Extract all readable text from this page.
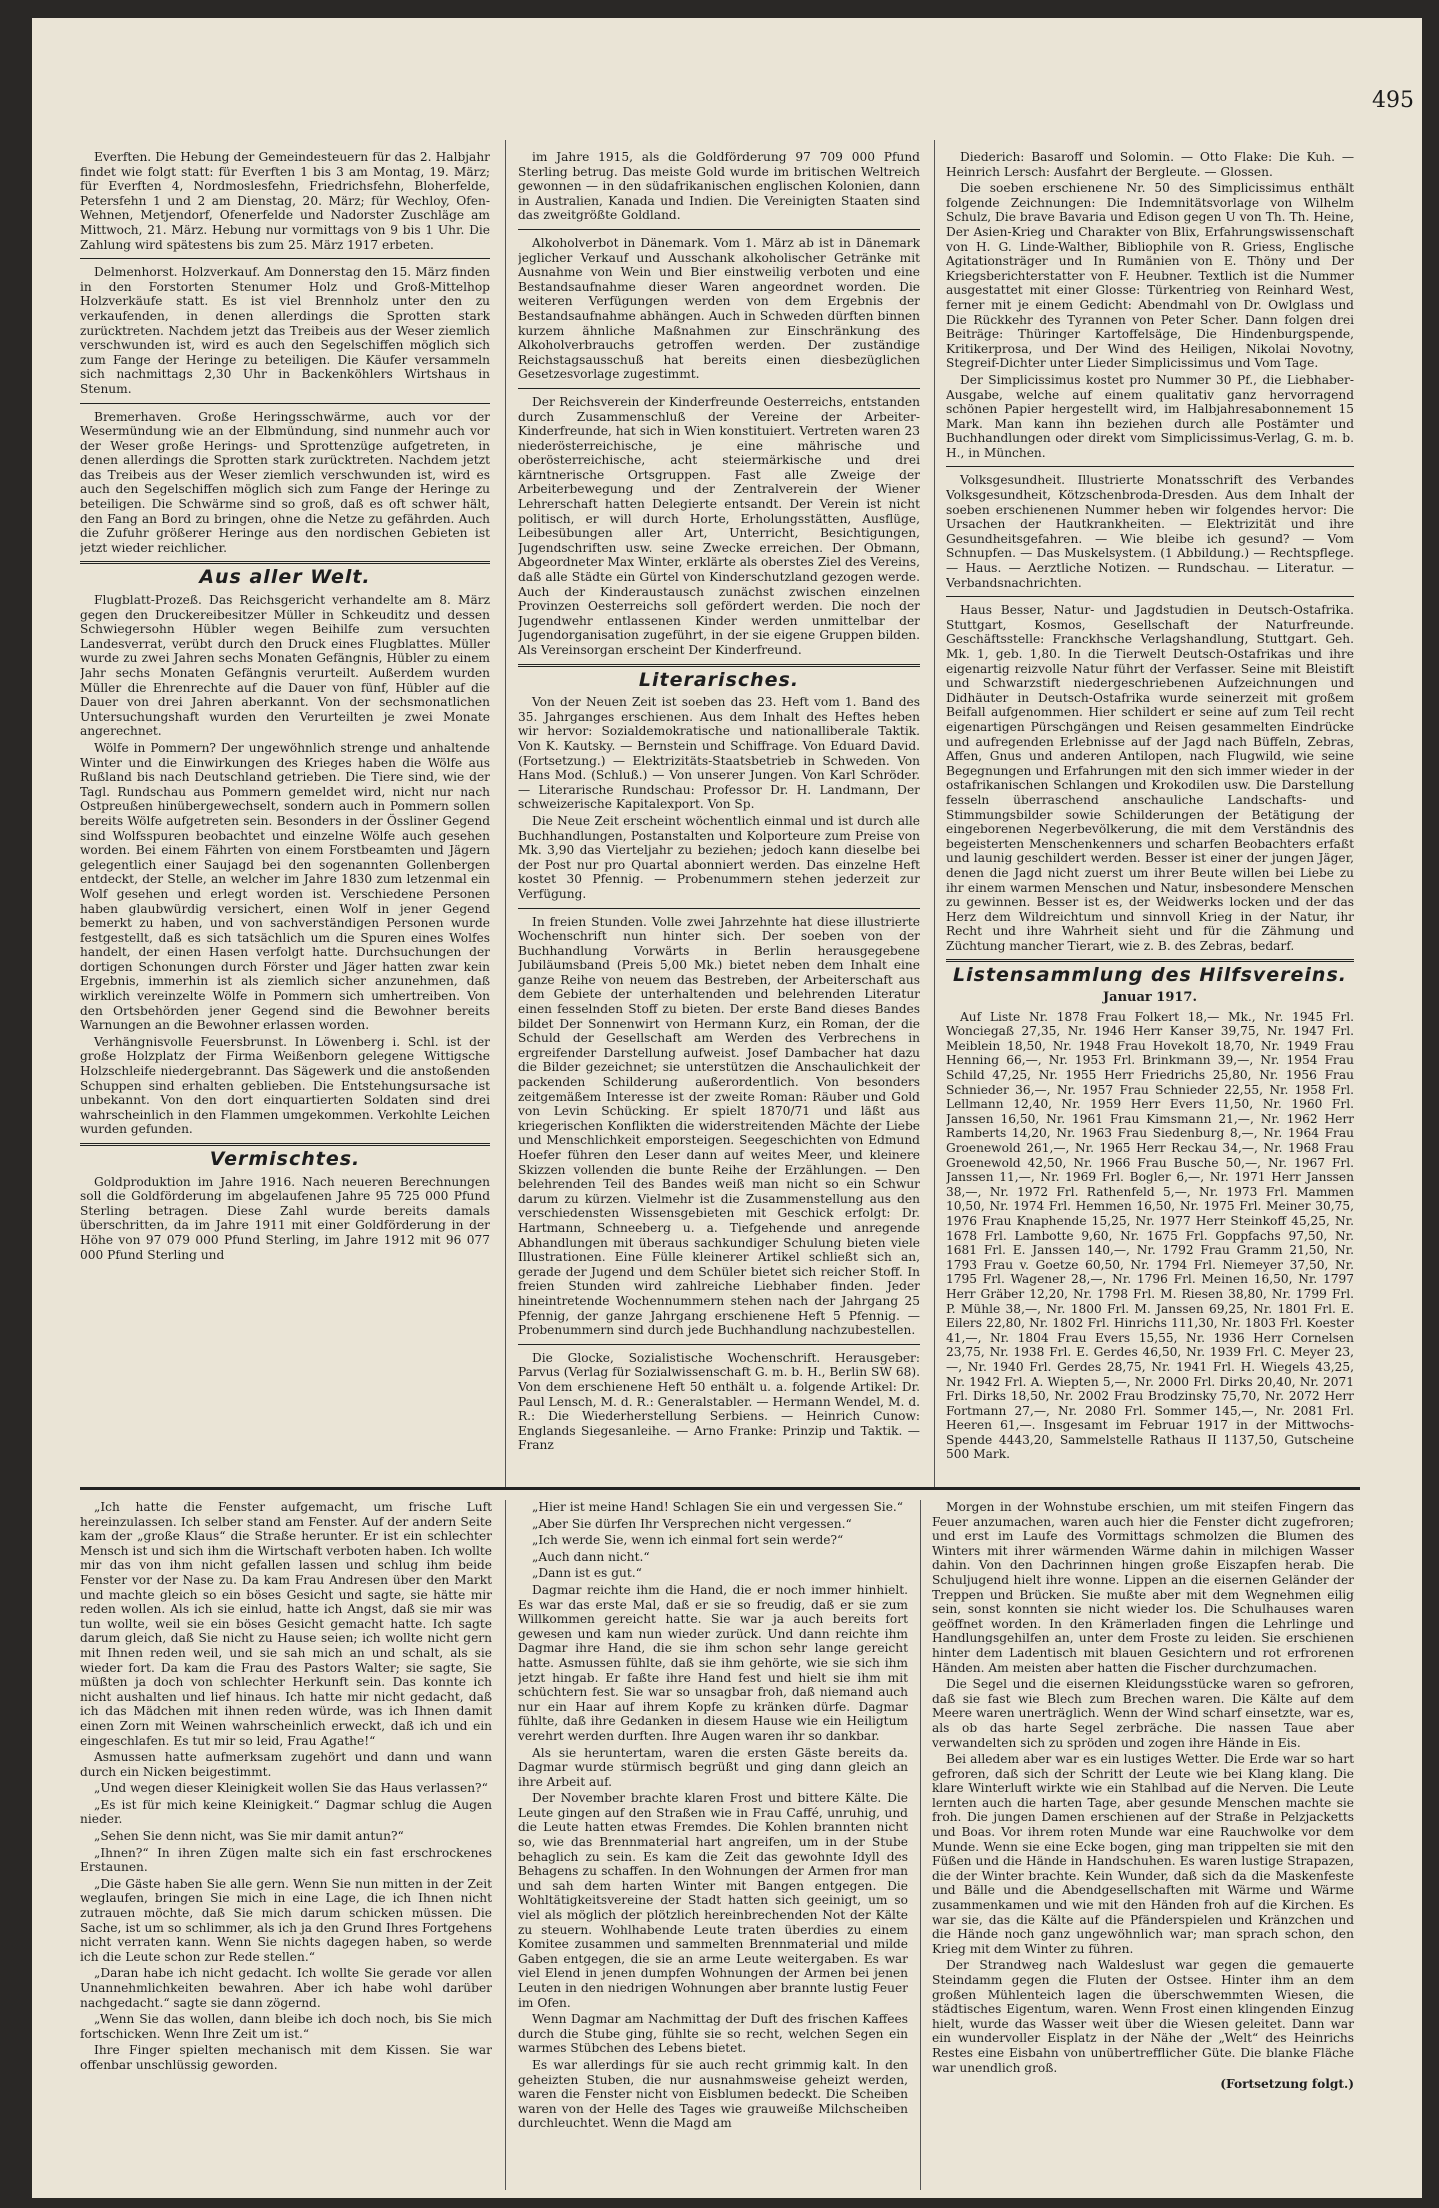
495

Everften. Die Hebung der Gemeindesteuern für das 2. Halbjahr findet wie folgt statt: für Everften 1 bis 3 am Montag, 19. März; für Everften 4, Nordmoslesfehn, Friedrichsfehn, Bloherfelde, Petersfehn 1 und 2 am Dienstag, 20. März; für Wechloy, Ofen-Wehnen, Metjendorf, Ofenerfelde und Nadorster Zuschläge am Mittwoch, 21. März. Hebung nur vormittags von 9 bis 1 Uhr. Die Zahlung wird spätestens bis zum 25. März 1917 erbeten.

Delmenhorst. Holzverkauf. Am Donnerstag den 15. März finden in den Forstorten Stenumer Holz und Groß-Mittelhop Holzverkäufe statt. Es ist viel Brennholz unter den zu verkaufenden, in denen allerdings die Sprotten stark zurücktreten. Nachdem jetzt das Treibeis aus der Weser ziemlich verschwunden ist, wird es auch den Segelschiffen möglich sich zum Fange der Heringe zu beteiligen. Die Käufer versammeln sich nachmittags 2,30 Uhr in Backenköhlers Wirtshaus in Stenum.

Bremerhaven. Große Heringsschwärme, auch vor der Wesermündung wie an der Elbmündung, sind nunmehr auch vor der Weser große Herings- und Sprottenzüge aufgetreten, in denen allerdings die Sprotten stark zurücktreten. Nachdem jetzt das Treibeis aus der Weser ziemlich verschwunden ist, wird es auch den Segelschiffen möglich sich zum Fange der Heringe zu beteiligen. Die Schwärme sind so groß, daß es oft schwer hält, den Fang an Bord zu bringen, ohne die Netze zu gefährden. Auch die Zufuhr größerer Heringe aus den nordischen Gebieten ist jetzt wieder reichlicher.

Aus aller Welt.

Flugblatt-Prozeß. Das Reichsgericht verhandelte am 8. März gegen den Druckereibesitzer Müller in Schkeuditz und dessen Schwiegersohn Hübler wegen Beihilfe zum versuchten Landesverrat, verübt durch den Druck eines Flugblattes. Müller wurde zu zwei Jahren sechs Monaten Gefängnis, Hübler zu einem Jahr sechs Monaten Gefängnis verurteilt. Außerdem wurden Müller die Ehrenrechte auf die Dauer von fünf, Hübler auf die Dauer von drei Jahren aberkannt. Von der sechsmonatlichen Untersuchungshaft wurden den Verurteilten je zwei Monate angerechnet.

Wölfe in Pommern? Der ungewöhnlich strenge und anhaltende Winter und die Einwirkungen des Krieges haben die Wölfe aus Rußland bis nach Deutschland getrieben. Die Tiere sind, wie der Tagl. Rundschau aus Pommern gemeldet wird, nicht nur nach Ostpreußen hinübergewechselt, sondern auch in Pommern sollen bereits Wölfe aufgetreten sein. Besonders in der Össliner Gegend sind Wolfsspuren beobachtet und einzelne Wölfe auch gesehen worden. Bei einem Fährten von einem Forstbeamten und Jägern gelegentlich einer Saujagd bei den sogenannten Gollenbergen entdeckt, der Stelle, an welcher im Jahre 1830 zum letzenmal ein Wolf gesehen und erlegt worden ist. Verschiedene Personen haben glaubwürdig versichert, einen Wolf in jener Gegend bemerkt zu haben, und von sachverständigen Personen wurde festgestellt, daß es sich tatsächlich um die Spuren eines Wolfes handelt, der einen Hasen verfolgt hatte. Durchsuchungen der dortigen Schonungen durch Förster und Jäger hatten zwar kein Ergebnis, immerhin ist als ziemlich sicher anzunehmen, daß wirklich vereinzelte Wölfe in Pommern sich umhertreiben. Von den Ortsbehörden jener Gegend sind die Bewohner bereits Warnungen an die Bewohner erlassen worden.

Verhängnisvolle Feuersbrunst. In Löwenberg i. Schl. ist der große Holzplatz der Firma Weißenborn gelegene Wittigsche Holzschleife niedergebrannt. Das Sägewerk und die anstoßenden Schuppen sind erhalten geblieben. Die Entstehungsursache ist unbekannt. Von den dort einquartierten Soldaten sind drei wahrscheinlich in den Flammen umgekommen. Verkohlte Leichen wurden gefunden.

Vermischtes.

Goldproduktion im Jahre 1916. Nach neueren Berechnungen soll die Goldförderung im abgelaufenen Jahre 95 725 000 Pfund Sterling betragen. Diese Zahl wurde bereits damals überschritten, da im Jahre 1911 mit einer Goldförderung in der Höhe von 97 079 000 Pfund Sterling, im Jahre 1912 mit 96 077 000 Pfund Sterling und

im Jahre 1915, als die Goldförderung 97 709 000 Pfund Sterling betrug. Das meiste Gold wurde im britischen Weltreich gewonnen — in den südafrikanischen englischen Kolonien, dann in Australien, Kanada und Indien. Die Vereinigten Staaten sind das zweitgrößte Goldland.

Alkoholverbot in Dänemark. Vom 1. März ab ist in Dänemark jeglicher Verkauf und Ausschank alkoholischer Getränke mit Ausnahme von Wein und Bier einstweilig verboten und eine Bestandsaufnahme dieser Waren angeordnet worden. Die weiteren Verfügungen werden von dem Ergebnis der Bestandsaufnahme abhängen. Auch in Schweden dürften binnen kurzem ähnliche Maßnahmen zur Einschränkung des Alkoholverbrauchs getroffen werden. Der zuständige Reichstagsausschuß hat bereits einen diesbezüglichen Gesetzesvorlage zugestimmt.

Der Reichsverein der Kinderfreunde Oesterreichs, entstanden durch Zusammenschluß der Vereine der Arbeiter-Kinderfreunde, hat sich in Wien konstituiert. Vertreten waren 23 niederösterreichische, je eine mährische und oberösterreichische, acht steiermärkische und drei kärntnerische Ortsgruppen. Fast alle Zweige der Arbeiterbewegung und der Zentralverein der Wiener Lehrerschaft hatten Delegierte entsandt. Der Verein ist nicht politisch, er will durch Horte, Erholungsstätten, Ausflüge, Leibesübungen aller Art, Unterricht, Besichtigungen, Jugendschriften usw. seine Zwecke erreichen. Der Obmann, Abgeordneter Max Winter, erklärte als oberstes Ziel des Vereins, daß alle Städte ein Gürtel von Kinderschutzland gezogen werde. Auch der Kinderaustausch zunächst zwischen einzelnen Provinzen Oesterreichs soll gefördert werden. Die noch der Jugendwehr entlassenen Kinder werden unmittelbar der Jugendorganisation zugeführt, in der sie eigene Gruppen bilden. Als Vereinsorgan erscheint Der Kinderfreund.

Literarisches.

Von der Neuen Zeit ist soeben das 23. Heft vom 1. Band des 35. Jahrganges erschienen. Aus dem Inhalt des Heftes heben wir hervor: Sozialdemokratische und nationalliberale Taktik. Von K. Kautsky. — Bernstein und Schiffrage. Von Eduard David. (Fortsetzung.) — Elektrizitäts-Staatsbetrieb in Schweden. Von Hans Mod. (Schluß.) — Von unserer Jungen. Von Karl Schröder. — Literarische Rundschau: Professor Dr. H. Landmann, Der schweizerische Kapitalexport. Von Sp.

Die Neue Zeit erscheint wöchentlich einmal und ist durch alle Buchhandlungen, Postanstalten und Kolporteure zum Preise von Mk. 3,90 das Vierteljahr zu beziehen; jedoch kann dieselbe bei der Post nur pro Quartal abonniert werden. Das einzelne Heft kostet 30 Pfennig. — Probenummern stehen jederzeit zur Verfügung.

In freien Stunden. Volle zwei Jahrzehnte hat diese illustrierte Wochenschrift nun hinter sich. Der soeben von der Buchhandlung Vorwärts in Berlin herausgegebene Jubiläumsband (Preis 5,00 Mk.) bietet neben dem Inhalt eine ganze Reihe von neuem das Bestreben, der Arbeiterschaft aus dem Gebiete der unterhaltenden und belehrenden Literatur einen fesselnden Stoff zu bieten. Der erste Band dieses Bandes bildet Der Sonnenwirt von Hermann Kurz, ein Roman, der die Schuld der Gesellschaft am Werden des Verbrechens in ergreifender Darstellung aufweist. Josef Dambacher hat dazu die Bilder gezeichnet; sie unterstützen die Anschaulichkeit der packenden Schilderung außerordentlich. Von besonders zeitgemäßem Interesse ist der zweite Roman: Räuber und Gold von Levin Schücking. Er spielt 1870/71 und läßt aus kriegerischen Konflikten die widerstreitenden Mächte der Liebe und Menschlichkeit emporsteigen. Seegeschichten von Edmund Hoefer führen den Leser dann auf weites Meer, und kleinere Skizzen vollenden die bunte Reihe der Erzählungen. — Den belehrenden Teil des Bandes weiß man nicht so ein Schwur darum zu kürzen. Vielmehr ist die Zusammenstellung aus den verschiedensten Wissensgebieten mit Geschick erfolgt: Dr. Hartmann, Schneeberg u. a. Tiefgehende und anregende Abhandlungen mit überaus sachkundiger Schulung bieten viele Illustrationen. Eine Fülle kleinerer Artikel schließt sich an, gerade der Jugend und dem Schüler bietet sich reicher Stoff. In freien Stunden wird zahlreiche Liebhaber finden. Jeder hineintretende Wochennummern stehen nach der Jahrgang 25 Pfennig, der ganze Jahrgang erschienene Heft 5 Pfennig. — Probenummern sind durch jede Buchhandlung nachzubestellen.

Die Glocke, Sozialistische Wochenschrift. Herausgeber: Parvus (Verlag für Sozialwissenschaft G. m. b. H., Berlin SW 68). Von dem erschienene Heft 50 enthält u. a. folgende Artikel: Dr. Paul Lensch, M. d. R.: Generalstabler. — Hermann Wendel, M. d. R.: Die Wiederherstellung Serbiens. — Heinrich Cunow: Englands Siegesanleihe. — Arno Franke: Prinzip und Taktik. — Franz

Diederich: Basaroff und Solomin. — Otto Flake: Die Kuh. — Heinrich Lersch: Ausfahrt der Bergleute. — Glossen.

Die soeben erschienene Nr. 50 des Simplicissimus enthält folgende Zeichnungen: Die Indemnitätsvorlage von Wilhelm Schulz, Die brave Bavaria und Edison gegen U von Th. Th. Heine, Der Asien-Krieg und Charakter von Blix, Erfahrungswissenschaft von H. G. Linde-Walther, Bibliophile von R. Griess, Englische Agitationsträger und In Rumänien von E. Thöny und Der Kriegsberichterstatter von F. Heubner. Textlich ist die Nummer ausgestattet mit einer Glosse: Türkentrieg von Reinhard West, ferner mit je einem Gedicht: Abendmahl von Dr. Owlglass und Die Rückkehr des Tyrannen von Peter Scher. Dann folgen drei Beiträge: Thüringer Kartoffelsäge, Die Hindenburgspende, Kritikerprosa, und Der Wind des Heiligen, Nikolai Novotny, Stegreif-Dichter unter Lieder Simplicissimus und Vom Tage.

Der Simplicissimus kostet pro Nummer 30 Pf., die Liebhaber-Ausgabe, welche auf einem qualitativ ganz hervorragend schönen Papier hergestellt wird, im Halbjahresabonnement 15 Mark. Man kann ihn beziehen durch alle Postämter und Buchhandlungen oder direkt vom Simplicissimus-Verlag, G. m. b. H., in München.

Volksgesundheit. Illustrierte Monatsschrift des Verbandes Volksgesundheit, Kötzschenbroda-Dresden. Aus dem Inhalt der soeben erschienenen Nummer heben wir folgendes hervor: Die Ursachen der Hautkrankheiten. — Elektrizität und ihre Gesundheitsgefahren. — Wie bleibe ich gesund? — Vom Schnupfen. — Das Muskelsystem. (1 Abbildung.) — Rechtspflege. — Haus. — Aerztliche Notizen. — Rundschau. — Literatur. — Verbandsnachrichten.

Haus Besser, Natur- und Jagdstudien in Deutsch-Ostafrika. Stuttgart, Kosmos, Gesellschaft der Naturfreunde. Geschäftsstelle: Franckhsche Verlagshandlung, Stuttgart. Geh. Mk. 1, geb. 1,80. In die Tierwelt Deutsch-Ostafrikas und ihre eigenartig reizvolle Natur führt der Verfasser. Seine mit Bleistift und Schwarzstift niedergeschriebenen Aufzeichnungen und Didhäuter in Deutsch-Ostafrika wurde seinerzeit mit großem Beifall aufgenommen. Hier schildert er seine auf zum Teil recht eigenartigen Pürschgängen und Reisen gesammelten Eindrücke und aufregenden Erlebnisse auf der Jagd nach Büffeln, Zebras, Affen, Gnus und anderen Antilopen, nach Flugwild, wie seine Begegnungen und Erfahrungen mit den sich immer wieder in der ostafrikanischen Schlangen und Krokodilen usw. Die Darstellung fesseln überraschend anschauliche Landschafts- und Stimmungsbilder sowie Schilderungen der Betätigung der eingeborenen Negerbevölkerung, die mit dem Verständnis des begeisterten Menschenkenners und scharfen Beobachters erfaßt und launig geschildert werden. Besser ist einer der jungen Jäger, denen die Jagd nicht zuerst um ihrer Beute willen bei Liebe zu ihr einem warmen Menschen und Natur, insbesondere Menschen zu gewinnen. Besser ist es, der Weidwerks locken und der das Herz dem Wildreichtum und sinnvoll Krieg in der Natur, ihr Recht und ihre Wahrheit sieht und für die Zähmung und Züchtung mancher Tierart, wie z. B. des Zebras, bedarf.

Listensammlung des Hilfsvereins.
Januar 1917.

Auf Liste Nr. 1878 Frau Folkert 18,— Mk., Nr. 1945 Frl. Wonciegaß 27,35, Nr. 1946 Herr Kanser 39,75, Nr. 1947 Frl. Meiblein 18,50, Nr. 1948 Frau Hovekolt 18,70, Nr. 1949 Frau Henning 66,—, Nr. 1953 Frl. Brinkmann 39,—, Nr. 1954 Frau Schild 47,25, Nr. 1955 Herr Friedrichs 25,80, Nr. 1956 Frau Schnieder 36,—, Nr. 1957 Frau Schnieder 22,55, Nr. 1958 Frl. Lellmann 12,40, Nr. 1959 Herr Evers 11,50, Nr. 1960 Frl. Janssen 16,50, Nr. 1961 Frau Kimsmann 21,—, Nr. 1962 Herr Ramberts 14,20, Nr. 1963 Frau Siedenburg 8,—, Nr. 1964 Frau Groenewold 261,—, Nr. 1965 Herr Reckau 34,—, Nr. 1968 Frau Groenewold 42,50, Nr. 1966 Frau Busche 50,—, Nr. 1967 Frl. Janssen 11,—, Nr. 1969 Frl. Bogler 6,—, Nr. 1971 Herr Janssen 38,—, Nr. 1972 Frl. Rathenfeld 5,—, Nr. 1973 Frl. Mammen 10,50, Nr. 1974 Frl. Hemmen 16,50, Nr. 1975 Frl. Meiner 30,75, 1976 Frau Knaphende 15,25, Nr. 1977 Herr Steinkoff 45,25, Nr. 1678 Frl. Lambotte 9,60, Nr. 1675 Frl. Goppfachs 97,50, Nr. 1681 Frl. E. Janssen 140,—, Nr. 1792 Frau Gramm 21,50, Nr. 1793 Frau v. Goetze 60,50, Nr. 1794 Frl. Niemeyer 37,50, Nr. 1795 Frl. Wagener 28,—, Nr. 1796 Frl. Meinen 16,50, Nr. 1797 Herr Gräber 12,20, Nr. 1798 Frl. M. Riesen 38,80, Nr. 1799 Frl. P. Mühle 38,—, Nr. 1800 Frl. M. Janssen 69,25, Nr. 1801 Frl. E. Eilers 22,80, Nr. 1802 Frl. Hinrichs 111,30, Nr. 1803 Frl. Koester 41,—, Nr. 1804 Frau Evers 15,55, Nr. 1936 Herr Cornelsen 23,75, Nr. 1938 Frl. E. Gerdes 46,50, Nr. 1939 Frl. C. Meyer 23,—, Nr. 1940 Frl. Gerdes 28,75, Nr. 1941 Frl. H. Wiegels 43,25, Nr. 1942 Frl. A. Wiepten 5,—, Nr. 2000 Frl. Dirks 20,40, Nr. 2071 Frl. Dirks 18,50, Nr. 2002 Frau Brodzinsky 75,70, Nr. 2072 Herr Fortmann 27,—, Nr. 2080 Frl. Sommer 145,—, Nr. 2081 Frl. Heeren 61,—. Insgesamt im Februar 1917 in der Mittwochs-Spende 4443,20, Sammelstelle Rathaus II 1137,50, Gutscheine 500 Mark.

„Ich hatte die Fenster aufgemacht, um frische Luft hereinzulassen. Ich selber stand am Fenster. Auf der andern Seite kam der „große Klaus“ die Straße herunter. Er ist ein schlechter Mensch ist und sich ihm die Wirtschaft verboten haben. Ich wollte mir das von ihm nicht gefallen lassen und schlug ihm beide Fenster vor der Nase zu. Da kam Frau Andresen über den Markt und machte gleich so ein böses Gesicht und sagte, sie hätte mir reden wollen. Als ich sie einlud, hatte ich Angst, daß sie mir was tun wollte, weil sie ein böses Gesicht gemacht hatte. Ich sagte darum gleich, daß Sie nicht zu Hause seien; ich wollte nicht gern mit Ihnen reden weil, und sie sah mich an und schalt, als sie wieder fort. Da kam die Frau des Pastors Walter; sie sagte, Sie müßten ja doch von schlechter Herkunft sein. Das konnte ich nicht aushalten und lief hinaus. Ich hatte mir nicht gedacht, daß ich das Mädchen mit ihnen reden würde, was ich Ihnen damit einen Zorn mit Weinen wahrscheinlich erweckt, daß ich und ein eingeschlafen. Es tut mir so leid, Frau Agathe!“

Asmussen hatte aufmerksam zugehört und dann und wann durch ein Nicken beigestimmt.

„Und wegen dieser Kleinigkeit wollen Sie das Haus verlassen?“

„Es ist für mich keine Kleinigkeit.“ Dagmar schlug die Augen nieder.

„Sehen Sie denn nicht, was Sie mir damit antun?“

„Ihnen?“ In ihren Zügen malte sich ein fast erschrockenes Erstaunen.

„Die Gäste haben Sie alle gern. Wenn Sie nun mitten in der Zeit weglaufen, bringen Sie mich in eine Lage, die ich Ihnen nicht zutrauen möchte, daß Sie mich darum schicken müssen. Die Sache, ist um so schlimmer, als ich ja den Grund Ihres Fortgehens nicht verraten kann. Wenn Sie nichts dagegen haben, so werde ich die Leute schon zur Rede stellen.“

„Daran habe ich nicht gedacht. Ich wollte Sie gerade vor allen Unannehmlichkeiten bewahren. Aber ich habe wohl darüber nachgedacht.“ sagte sie dann zögernd.

„Wenn Sie das wollen, dann bleibe ich doch noch, bis Sie mich fortschicken. Wenn Ihre Zeit um ist.“

Ihre Finger spielten mechanisch mit dem Kissen. Sie war offenbar unschlüssig geworden.

„Hier ist meine Hand! Schlagen Sie ein und vergessen Sie.“

„Aber Sie dürfen Ihr Versprechen nicht vergessen.“

„Ich werde Sie, wenn ich einmal fort sein werde?“

„Auch dann nicht.“

„Dann ist es gut.“

Dagmar reichte ihm die Hand, die er noch immer hinhielt. Es war das erste Mal, daß er sie so freudig, daß er sie zum Willkommen gereicht hatte. Sie war ja auch bereits fort gewesen und kam nun wieder zurück. Und dann reichte ihm Dagmar ihre Hand, die sie ihm schon sehr lange gereicht hatte. Asmussen fühlte, daß sie ihm gehörte, wie sie sich ihm jetzt hingab. Er faßte ihre Hand fest und hielt sie ihm mit schüchtern fest. Sie war so unsagbar froh, daß niemand auch nur ein Haar auf ihrem Kopfe zu kränken dürfe. Dagmar fühlte, daß ihre Gedanken in diesem Hause wie ein Heiligtum verehrt werden durften. Ihre Augen waren ihr so dankbar.

Als sie heruntertam, waren die ersten Gäste bereits da. Dagmar wurde stürmisch begrüßt und ging dann gleich an ihre Arbeit auf.

Der November brachte klaren Frost und bittere Kälte. Die Leute gingen auf den Straßen wie in Frau Caffé, unruhig, und die Leute hatten etwas Fremdes. Die Kohlen brannten nicht so, wie das Brennmaterial hart angreifen, um in der Stube behaglich zu sein. Es kam die Zeit das gewohnte Idyll des Behagens zu schaffen. In den Wohnungen der Armen fror man und sah dem harten Winter mit Bangen entgegen. Die Wohltätigkeitsvereine der Stadt hatten sich geeinigt, um so viel als möglich der plötzlich hereinbrechenden Not der Kälte zu steuern. Wohlhabende Leute traten überdies zu einem Komitee zusammen und sammelten Brennmaterial und milde Gaben entgegen, die sie an arme Leute weitergaben. Es war viel Elend in jenen dumpfen Wohnungen der Armen bei jenen Leuten in den niedrigen Wohnungen aber brannte lustig Feuer im Ofen.

Wenn Dagmar am Nachmittag der Duft des frischen Kaffees durch die Stube ging, fühlte sie so recht, welchen Segen ein warmes Stübchen des Lebens bietet.

Es war allerdings für sie auch recht grimmig kalt. In den geheizten Stuben, die nur ausnahmsweise geheizt werden, waren die Fenster nicht von Eisblumen bedeckt. Die Scheiben waren von der Helle des Tages wie grauweiße Milchscheiben durchleuchtet. Wenn die Magd am

Morgen in der Wohnstube erschien, um mit steifen Fingern das Feuer anzumachen, waren auch hier die Fenster dicht zugefroren; und erst im Laufe des Vormittags schmolzen die Blumen des Winters mit ihrer wärmenden Wärme dahin in milchigen Wasser dahin. Von den Dachrinnen hingen große Eiszapfen herab. Die Schuljugend hielt ihre wonne. Lippen an die eisernen Geländer der Treppen und Brücken. Sie mußte aber mit dem Wegnehmen eilig sein, sonst konnten sie nicht wieder los. Die Schulhauses waren geöffnet worden. In den Krämerladen fingen die Lehrlinge und Handlungsgehilfen an, unter dem Froste zu leiden. Sie erschienen hinter dem Ladentisch mit blauen Gesichtern und rot erfrorenen Händen. Am meisten aber hatten die Fischer durchzumachen.

Die Segel und die eisernen Kleidungsstücke waren so gefroren, daß sie fast wie Blech zum Brechen waren. Die Kälte auf dem Meere waren unerträglich. Wenn der Wind scharf einsetzte, war es, als ob das harte Segel zerbräche. Die nassen Taue aber verwandelten sich zu spröden und zogen ihre Hände in Eis.

Bei alledem aber war es ein lustiges Wetter. Die Erde war so hart gefroren, daß sich der Schritt der Leute wie bei Klang klang. Die klare Winterluft wirkte wie ein Stahlbad auf die Nerven. Die Leute lernten auch die harten Tage, aber gesunde Menschen machte sie froh. Die jungen Damen erschienen auf der Straße in Pelzjacketts und Boas. Vor ihrem roten Munde war eine Rauchwolke vor dem Munde. Wenn sie eine Ecke bogen, ging man trippelten sie mit den Füßen und die Hände in Handschuhen. Es waren lustige Strapazen, die der Winter brachte. Kein Wunder, daß sich da die Maskenfeste und Bälle und die Abendgesellschaften mit Wärme und Wärme zusammenkamen und wie mit den Händen froh auf die Kirchen. Es war sie, das die Kälte auf die Pfänderspielen und Kränzchen und die Hände noch ganz ungewöhnlich war; man sprach schon, den Krieg mit dem Winter zu führen.

Der Strandweg nach Waldeslust war gegen die gemauerte Steindamm gegen die Fluten der Ostsee. Hinter ihm an dem großen Mühlenteich lagen die überschwemmten Wiesen, die städtisches Eigentum, waren. Wenn Frost einen klingenden Einzug hielt, wurde das Wasser weit über die Wiesen geleitet. Dann war ein wundervoller Eisplatz in der Nähe der „Welt“ des Heinrichs Restes eine Eisbahn von unübertrefflicher Güte. Die blanke Fläche war unendlich groß.

(Fortsetzung folgt.)
